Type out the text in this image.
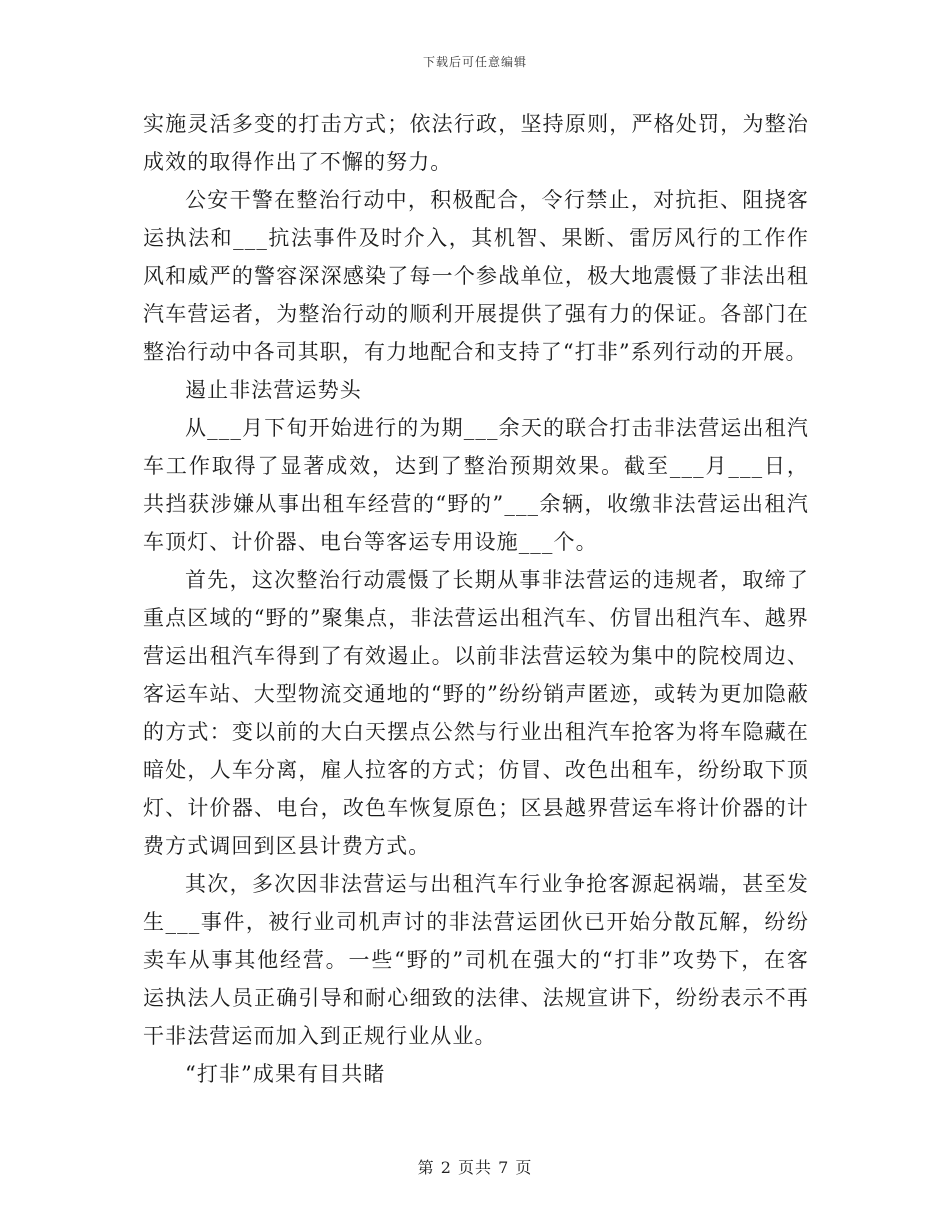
下载后可任意编辑

实施灵活多变的打击方式；依法行政，坚持原则，严格处罚，为整治成效的取得作出了不懈的努力。

公安干警在整治行动中，积极配合，令行禁止，对抗拒、阻挠客运执法和___抗法事件及时介入，其机智、果断、雷厉风行的工作作风和威严的警容深深感染了每一个参战单位，极大地震慑了非法出租汽车营运者，为整治行动的顺利开展提供了强有力的保证。各部门在整治行动中各司其职，有力地配合和支持了“打非”系列行动的开展。

遏止非法营运势头

从___月下旬开始进行的为期___余天的联合打击非法营运出租汽车工作取得了显著成效，达到了整治预期效果。截至___月___日，共挡获涉嫌从事出租车经营的“野的”___余辆，收缴非法营运出租汽车顶灯、计价器、电台等客运专用设施___个。

首先，这次整治行动震慑了长期从事非法营运的违规者，取缔了重点区域的“野的”聚集点，非法营运出租汽车、仿冒出租汽车、越界营运出租汽车得到了有效遏止。以前非法营运较为集中的院校周边、客运车站、大型物流交通地的“野的”纷纷销声匿迹，或转为更加隐蔽的方式：变以前的大白天摆点公然与行业出租汽车抢客为将车隐藏在暗处，人车分离，雇人拉客的方式；仿冒、改色出租车，纷纷取下顶灯、计价器、电台，改色车恢复原色；区县越界营运车将计价器的计费方式调回到区县计费方式。

其次，多次因非法营运与出租汽车行业争抢客源起祸端，甚至发生___事件，被行业司机声讨的非法营运团伙已开始分散瓦解，纷纷卖车从事其他经营。一些“野的”司机在强大的“打非”攻势下，在客运执法人员正确引导和耐心细致的法律、法规宣讲下，纷纷表示不再干非法营运而加入到正规行业从业。

“打非”成果有目共睹

第 2 页共 7 页
